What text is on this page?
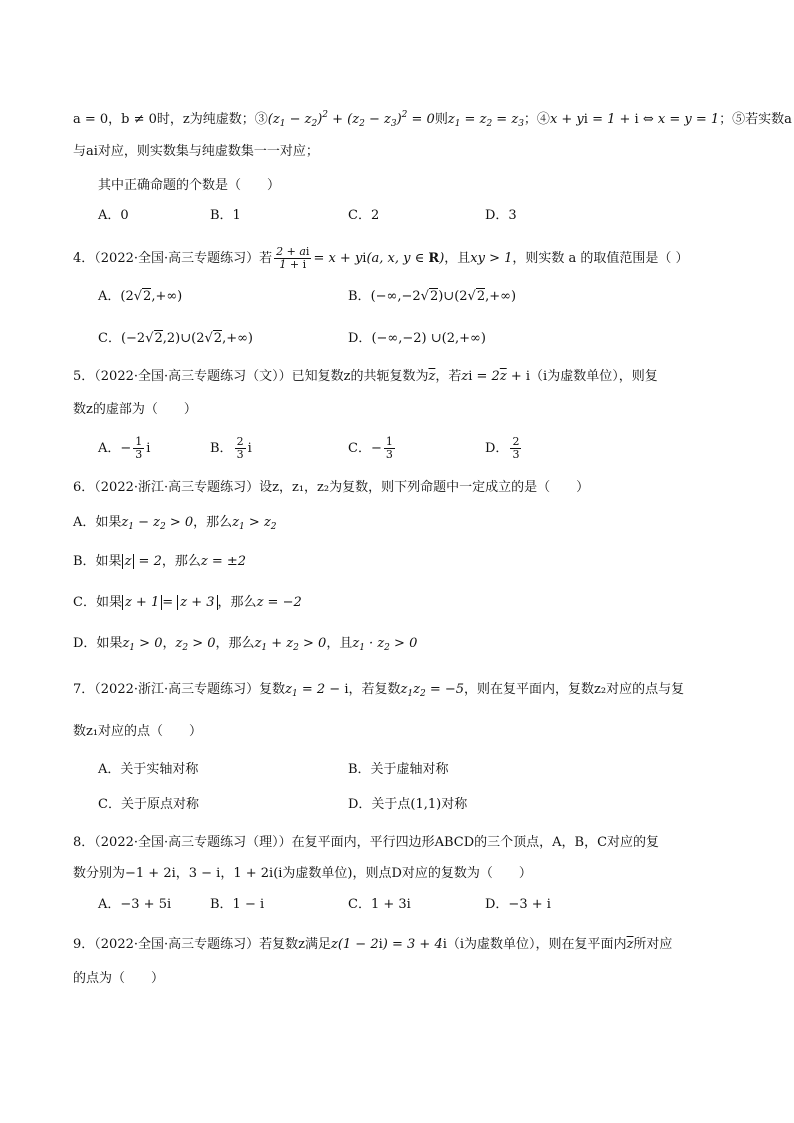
a = 0，b ≠ 0时，z为纯虚数；$③(z_1 - z_2)^2 + (z_2 - z_3)^2 = 0$则$z_1 = z_2 = z_3$；④x + yi = 1 + i ⇔ x = y = 1；⑤若实数a
与ai对应，则实数集与纯虚数集一一对应；
其中正确命题的个数是（　　）
A．0	B．1	C．2	D．3
4．（2022·全国·高三专题练习）若 $\frac{2 + ai}{1 + i} = x + yi(a$, x, y ∈ R)，且xy > 1，则实数 a 的取值范围是（ ）
A．(2√2,+∞)	B．(−∞,−2√2)∪(2√2,+∞)
C．(−2√2,2)∪(2√2,+∞)	D．(−∞,−2) ∪(2,+∞)
5．（2022·全国·高三专题练习（文））已知复数z的共轭复数为$\overline{z}$，若zi = $2\overline{z} + i(i$为虚数单位），则复
数z的虚部为（　　）
A．− $\frac{1}{3}$ i	B． $\frac{2}{3}$ i	C．− $\frac{1}{3}$	D． $\frac{2}{3}$
6．（2022·浙江·高三专题练习）设z，z₁，z₂为复数，则下列命题中一定成立的是（　　）
A．如果$z_1 - z_2 > 0$，那么$z_1 > z_2$
B．如果 z = 2，那么z = ±2
C．如果 z + 1 = z + 3 ，那么z = −2
D．如果$z_1 > 0$，$z_2 > 0$，那么$z_1 + z_2 > 0$，且$z_1 \cdot z_2 > 0$
7．（2022·浙江·高三专题练习）复数$z_1 = 2 - i$，若复数$z_1z_2 = -5$，则在复平面内，复数z₂对应的点与复
数z₁对应的点（　　）
A．关于实轴对称	B．关于虚轴对称
C．关于原点对称	D．关于点(1,1)对称
8．（2022·全国·高三专题练习（理））在复平面内，平行四边形ABCD的三个顶点，A，B，C对应的复
数分别为−1 + 2i，3 − i，1 + 2i(i为虚数单位)，则点D对应的复数为（　　）
A．−3 + 5i	B．1 − i	C．1 + 3i	D．−3 + i
9．（2022·全国·高三专题练习）若复数z满足z(1 − 2i) = 3 + 4i（i为虚数单位），则在复平面内$\overline{z}$所对应
的点为（　　）
